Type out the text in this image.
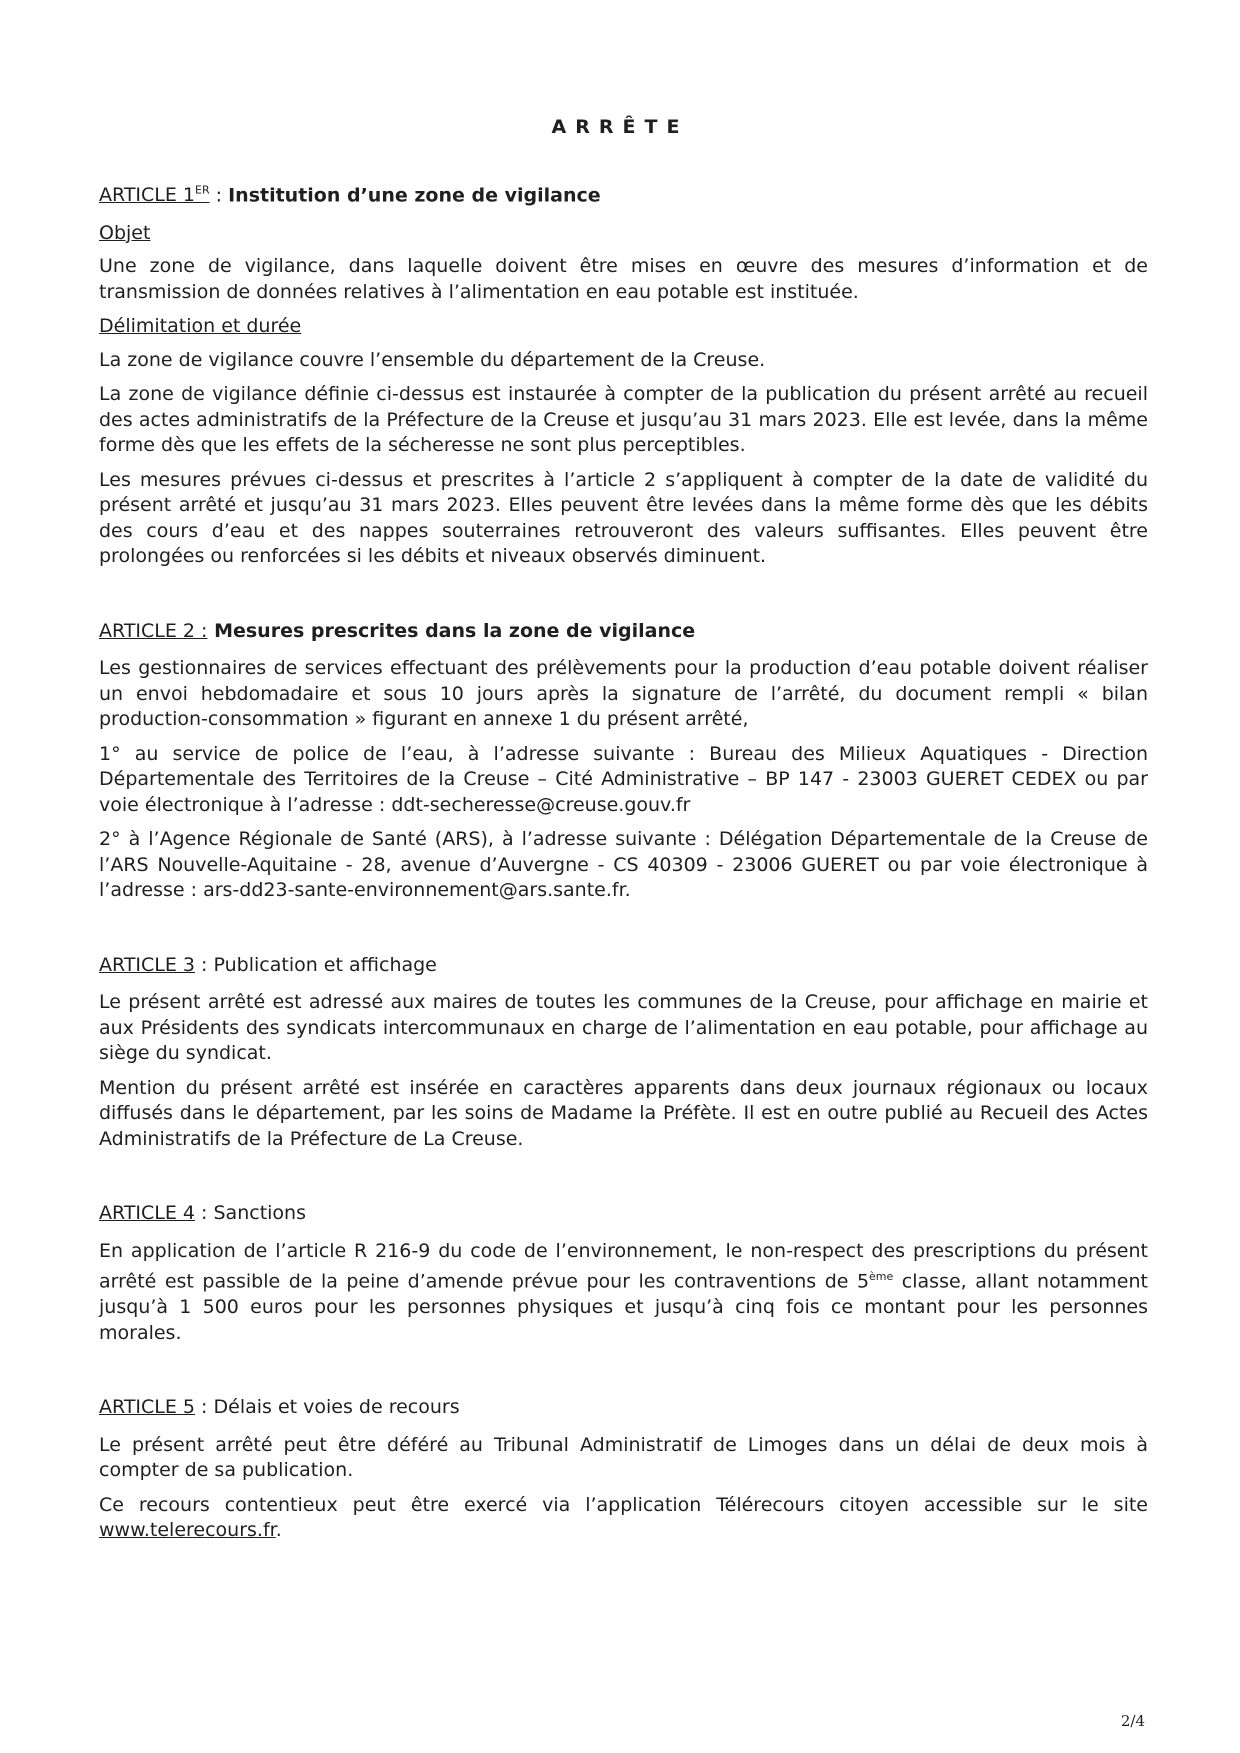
ARRÊTE
ARTICLE 1ER : Institution d’une zone de vigilance
Objet
Une zone de vigilance, dans laquelle doivent être mises en œuvre des mesures d’information et de transmission de données relatives à l’alimentation en eau potable est instituée.
Délimitation et durée
La zone de vigilance couvre l’ensemble du département de la Creuse.
La zone de vigilance définie ci-dessus est instaurée à compter de la publication du présent arrêté au recueil des actes administratifs de la Préfecture de la Creuse et jusqu’au 31 mars 2023. Elle est levée, dans la même forme dès que les effets de la sécheresse ne sont plus perceptibles.
Les mesures prévues ci-dessus et prescrites à l’article 2 s’appliquent à compter de la date de validité du présent arrêté et jusqu’au 31 mars 2023. Elles peuvent être levées dans la même forme dès que les débits des cours d’eau et des nappes souterraines retrouveront des valeurs suffisantes. Elles peuvent être prolongées ou renforcées si les débits et niveaux observés diminuent.
ARTICLE 2 : Mesures prescrites dans la zone de vigilance
Les gestionnaires de services effectuant des prélèvements pour la production d’eau potable doivent réaliser un envoi hebdomadaire et sous 10 jours après la signature de l’arrêté, du document rempli « bilan production-consommation » figurant en annexe 1 du présent arrêté,
1° au service de police de l’eau, à l’adresse suivante : Bureau des Milieux Aquatiques - Direction Départementale des Territoires de la Creuse – Cité Administrative – BP 147 - 23003 GUERET CEDEX ou par voie électronique à l’adresse : ddt-secheresse@creuse.gouv.fr
2° à l’Agence Régionale de Santé (ARS), à l’adresse suivante : Délégation Départementale de la Creuse de l’ARS Nouvelle-Aquitaine - 28, avenue d’Auvergne - CS 40309 - 23006 GUERET ou par voie électronique à l’adresse : ars-dd23-sante-environnement@ars.sante.fr.
ARTICLE 3 : Publication et affichage
Le présent arrêté est adressé aux maires de toutes les communes de la Creuse, pour affichage en mairie et aux Présidents des syndicats intercommunaux en charge de l’alimentation en eau potable, pour affichage au siège du syndicat.
Mention du présent arrêté est insérée en caractères apparents dans deux journaux régionaux ou locaux diffusés dans le département, par les soins de Madame la Préfète. Il est en outre publié au Recueil des Actes Administratifs de la Préfecture de La Creuse.
ARTICLE 4 : Sanctions
En application de l’article R 216-9 du code de l’environnement, le non-respect des prescriptions du présent arrêté est passible de la peine d’amende prévue pour les contraventions de 5ème classe, allant notamment jusqu’à 1 500 euros pour les personnes physiques et jusqu’à cinq fois ce montant pour les personnes morales.
ARTICLE 5 : Délais et voies de recours
Le présent arrêté peut être déféré au Tribunal Administratif de Limoges dans un délai de deux mois à compter de sa publication.
Ce recours contentieux peut être exercé via l’application Télérecours citoyen accessible sur le site www.telerecours.fr.
2/4
